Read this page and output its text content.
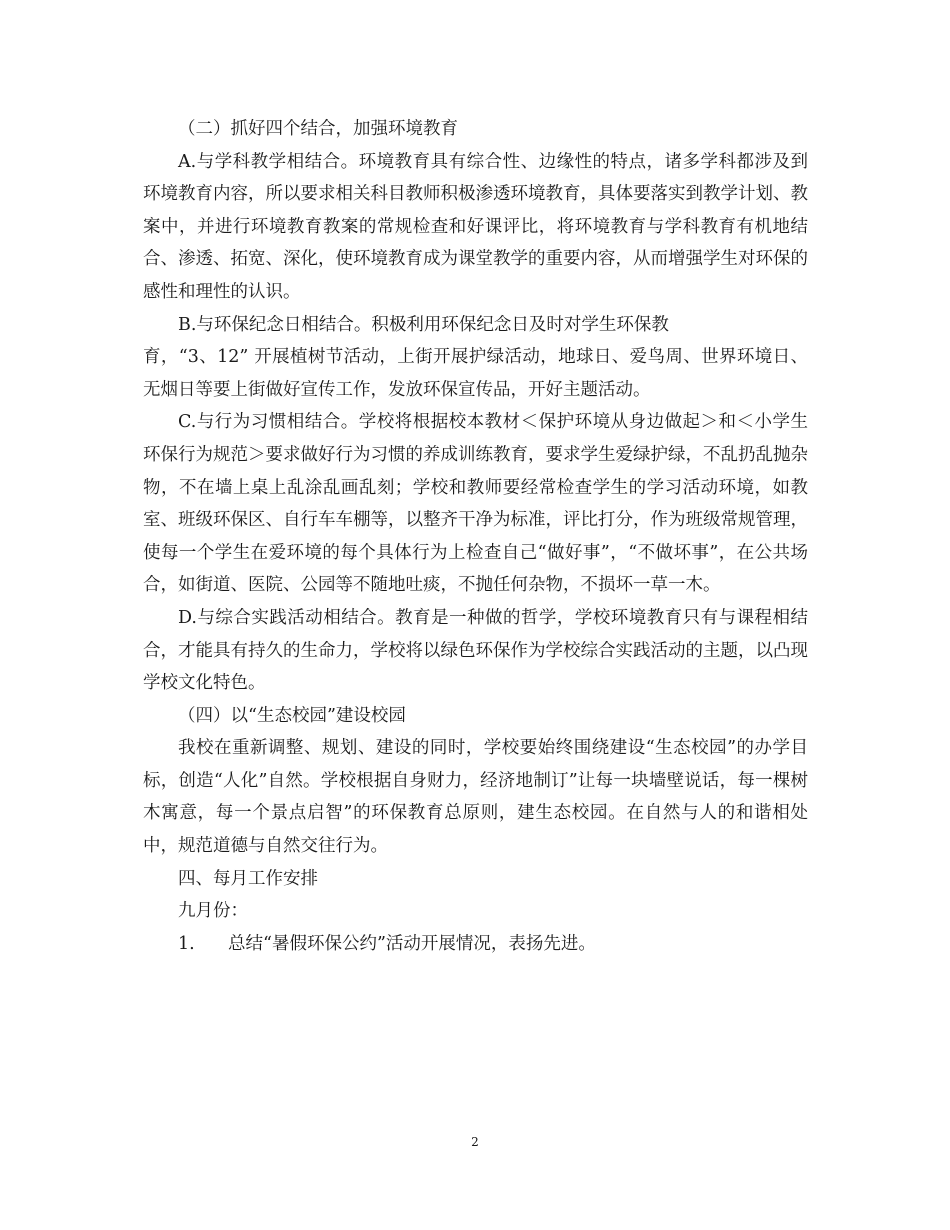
（二）抓好四个结合，加强环境教育

A.与学科教学相结合。环境教育具有综合性、边缘性的特点，诸多学科都涉及到环境教育内容，所以要求相关科目教师积极渗透环境教育，具体要落实到教学计划、教案中，并进行环境教育教案的常规检查和好课评比，将环境教育与学科教育有机地结合、渗透、拓宽、深化，使环境教育成为课堂教学的重要内容，从而增强学生对环保的感性和理性的认识。

B.与环保纪念日相结合。积极利用环保纪念日及时对学生环保教

育，“3、12” 开展植树节活动，上街开展护绿活动，地球日、爱鸟周、世界环境日、无烟日等要上街做好宣传工作，发放环保宣传品，开好主题活动。

C.与行为习惯相结合。学校将根据校本教材＜保护环境从身边做起＞和＜小学生环保行为规范＞要求做好行为习惯的养成训练教育，要求学生爱绿护绿，不乱扔乱抛杂物，不在墙上桌上乱涂乱画乱刻；学校和教师要经常检查学生的学习活动环境，如教室、班级环保区、自行车车棚等，以整齐干净为标准，评比打分，作为班级常规管理，使每一个学生在爱环境的每个具体行为上检查自己“做好事”，“不做坏事”，在公共场合，如街道、医院、公园等不随地吐痰，不抛任何杂物，不损坏一草一木。

D.与综合实践活动相结合。教育是一种做的哲学，学校环境教育只有与课程相结合，才能具有持久的生命力，学校将以绿色环保作为学校综合实践活动的主题，以凸现学校文化特色。

（四）以“生态校园”建设校园

我校在重新调整、规划、建设的同时，学校要始终围绕建设“生态校园”的办学目标，创造“人化”自然。学校根据自身财力，经济地制订”让每一块墙壁说话，每一棵树木寓意，每一个景点启智”的环保教育总原则，建生态校园。在自然与人的和谐相处中，规范道德与自然交往行为。

四、每月工作安排

九月份：

1.	总结“暑假环保公约”活动开展情况，表扬先进。
2
